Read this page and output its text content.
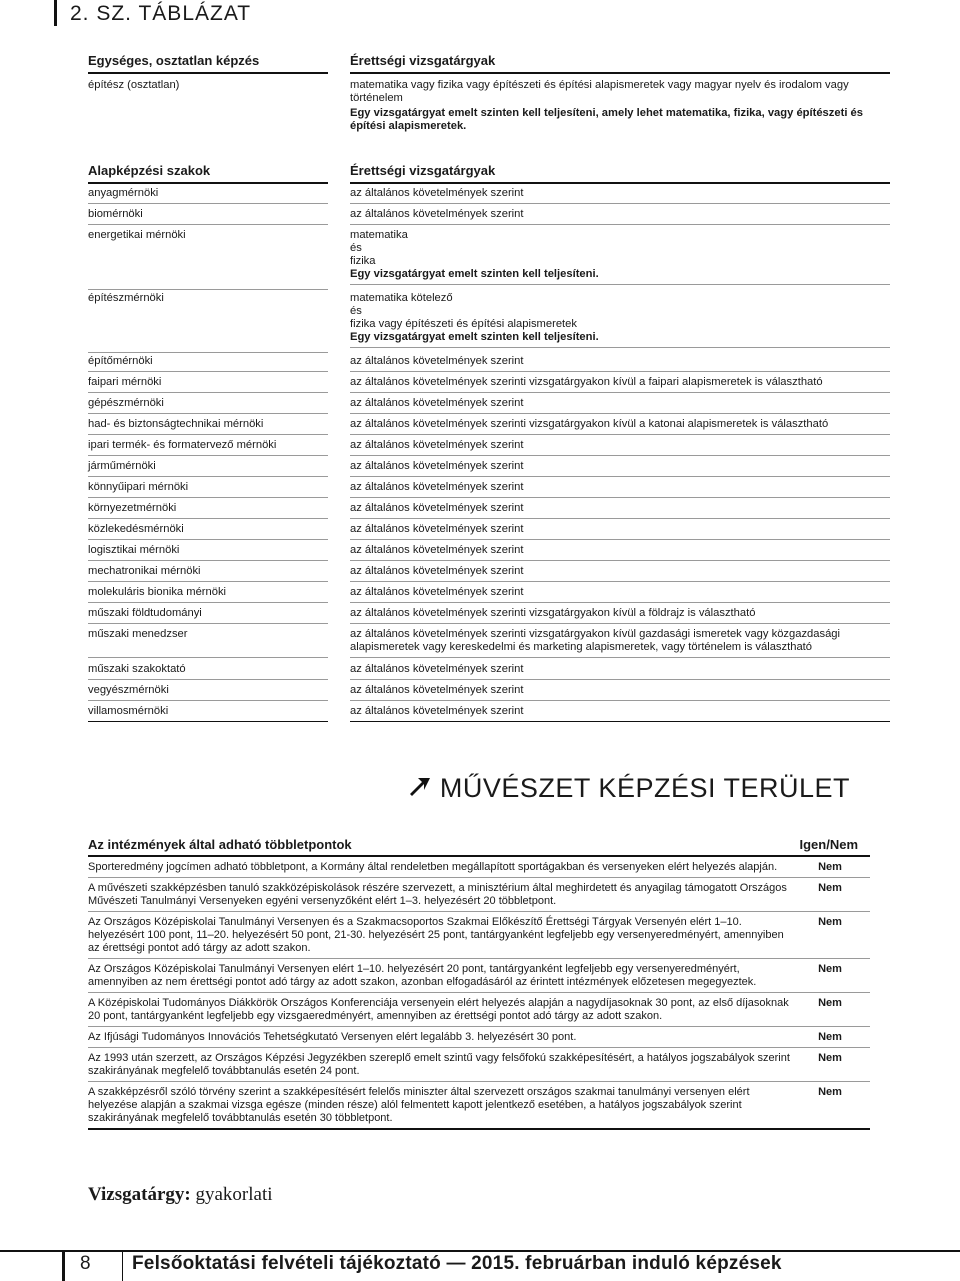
2. SZ. TÁBLÁZAT
Egységes, osztatlan képzés	Érettségi vizsgatárgyak
építész (osztatlan)	matematika vagy fizika vagy építészeti és építési alapismeretek vagy magyar nyelv és irodalom vagy történelem
Egy vizsgatárgyat emelt szinten kell teljesíteni, amely lehet matematika, fizika, vagy építészeti és építési alapismeretek.
Alapképzési szakok	Érettségi vizsgatárgyak
anyagmérnöki	az általános követelmények szerint
biomérnöki	az általános követelmények szerint
energetikai mérnöki	matematika
és
fizika
Egy vizsgatárgyat emelt szinten kell teljesíteni.
építészmérnöki	matematika kötelező
és
fizika vagy építészeti és építési alapismeretek
Egy vizsgatárgyat emelt szinten kell teljesíteni.
építőmérnöki	az általános követelmények szerint
faipari mérnöki	az általános követelmények szerinti vizsgatárgyakon kívül a faipari alapismeretek is választható
gépészmérnöki	az általános követelmények szerint
had- és biztonságtechnikai mérnöki	az általános követelmények szerinti vizsgatárgyakon kívül a katonai alapismeretek is választható
ipari termék- és formatervező mérnöki	az általános követelmények szerint
járműmérnöki	az általános követelmények szerint
könnyűipari mérnöki	az általános követelmények szerint
környezetmérnöki	az általános követelmények szerint
közlekedésmérnöki	az általános követelmények szerint
logisztikai mérnöki	az általános követelmények szerint
mechatronikai mérnöki	az általános követelmények szerint
molekuláris bionika mérnöki	az általános követelmények szerint
műszaki földtudományi	az általános követelmények szerinti vizsgatárgyakon kívül a földrajz is választható
műszaki menedzser	az általános követelmények szerinti vizsgatárgyakon kívül gazdasági ismeretek vagy közgazdasági alapismeretek vagy kereskedelmi és marketing alapismeretek, vagy történelem is választható
műszaki szakoktató	az általános követelmények szerint
vegyészmérnöki	az általános követelmények szerint
villamosmérnöki	az általános követelmények szerint
MŰVÉSZET KÉPZÉSI TERÜLET
Az intézmények által adható többletpontok	Igen/Nem
Sporteredmény jogcímen adható többletpont, a Kormány által rendeletben megállapított sportágakban és versenyeken elért helyezés alapján.	Nem
A művészeti szakképzésben tanuló szakközépiskolások részére szervezett, a minisztérium által meghirdetett és anyagilag támogatott Országos Művészeti Tanulmányi Versenyeken egyéni versenyzőként elért 1–3. helyezésért 20 többletpont.	Nem
Az Országos Középiskolai Tanulmányi Versenyen és a Szakmacsoportos Szakmai Előkészítő Érettségi Tárgyak Versenyén elért 1–10. helyezésért 100 pont, 11–20. helyezésért 50 pont, 21-30. helyezésért 25 pont, tantárgyanként legfeljebb egy versenyeredményért, amennyiben az érettségi pontot adó tárgy az adott szakon.	Nem
Az Országos Középiskolai Tanulmányi Versenyen elért 1–10. helyezésért 20 pont, tantárgyanként legfeljebb egy versenyeredményért, amennyiben az nem érettségi pontot adó tárgy az adott szakon, azonban elfogadásáról az érintett intézmények előzetesen megegyeztek.	Nem
A Középiskolai Tudományos Diákkörök Országos Konferenciája versenyein elért helyezés alapján a nagydíjasoknak 30 pont, az első díjasoknak 20 pont, tantárgyanként legfeljebb egy vizsgaeredményért, amennyiben az érettségi pontot adó tárgy az adott szakon.	Nem
Az Ifjúsági Tudományos Innovációs Tehetségkutató Versenyen elért legalább 3. helyezésért 30 pont.	Nem
Az 1993 után szerzett, az Országos Képzési Jegyzékben szereplő emelt szintű vagy felsőfokú szakképesítésért, a hatályos jogszabályok szerint szakirányának megfelelő továbbtanulás esetén 24 pont.	Nem
A szakképzésről szóló törvény szerint a szakképesítésért felelős miniszter által szervezett országos szakmai tanulmányi versenyen elért helyezése alapján a szakmai vizsga egésze (minden része) alól felmentett kapott jelentkező esetében, a hatályos jogszabályok szerint szakirányának megfelelő továbbtanulás esetén 30 többletpont.	Nem
Vizsgatárgy: gyakorlati
8 Felsőoktatási felvételi tájékoztató — 2015. februárban induló képzések
